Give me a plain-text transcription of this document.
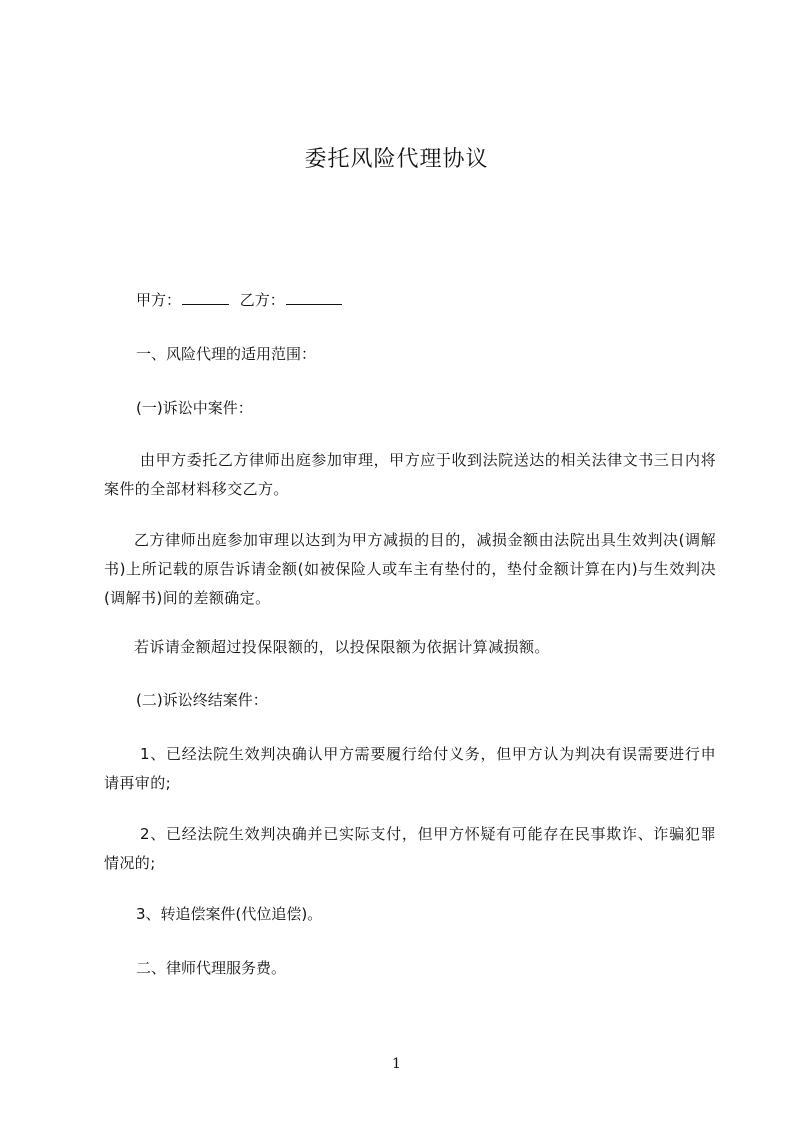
委托风险代理协议

甲方：	乙方：

一、风险代理的适用范围：

(一)诉讼中案件：

由甲方委托乙方律师出庭参加审理，甲方应于收到法院送达的相关法律文书三日内将案件的全部材料移交乙方。

乙方律师出庭参加审理以达到为甲方减损的目的，减损金额由法院出具生效判决(调解书)上所记载的原告诉请金额(如被保险人或车主有垫付的，垫付金额计算在内)与生效判决(调解书)间的差额确定。

若诉请金额超过投保限额的，以投保限额为依据计算减损额。

(二)诉讼终结案件：

1、已经法院生效判决确认甲方需要履行给付义务，但甲方认为判决有误需要进行申请再审的;

2、已经法院生效判决确并已实际支付，但甲方怀疑有可能存在民事欺诈、诈骗犯罪情况的;

3、转追偿案件(代位追偿)。

二、律师代理服务费。

1
